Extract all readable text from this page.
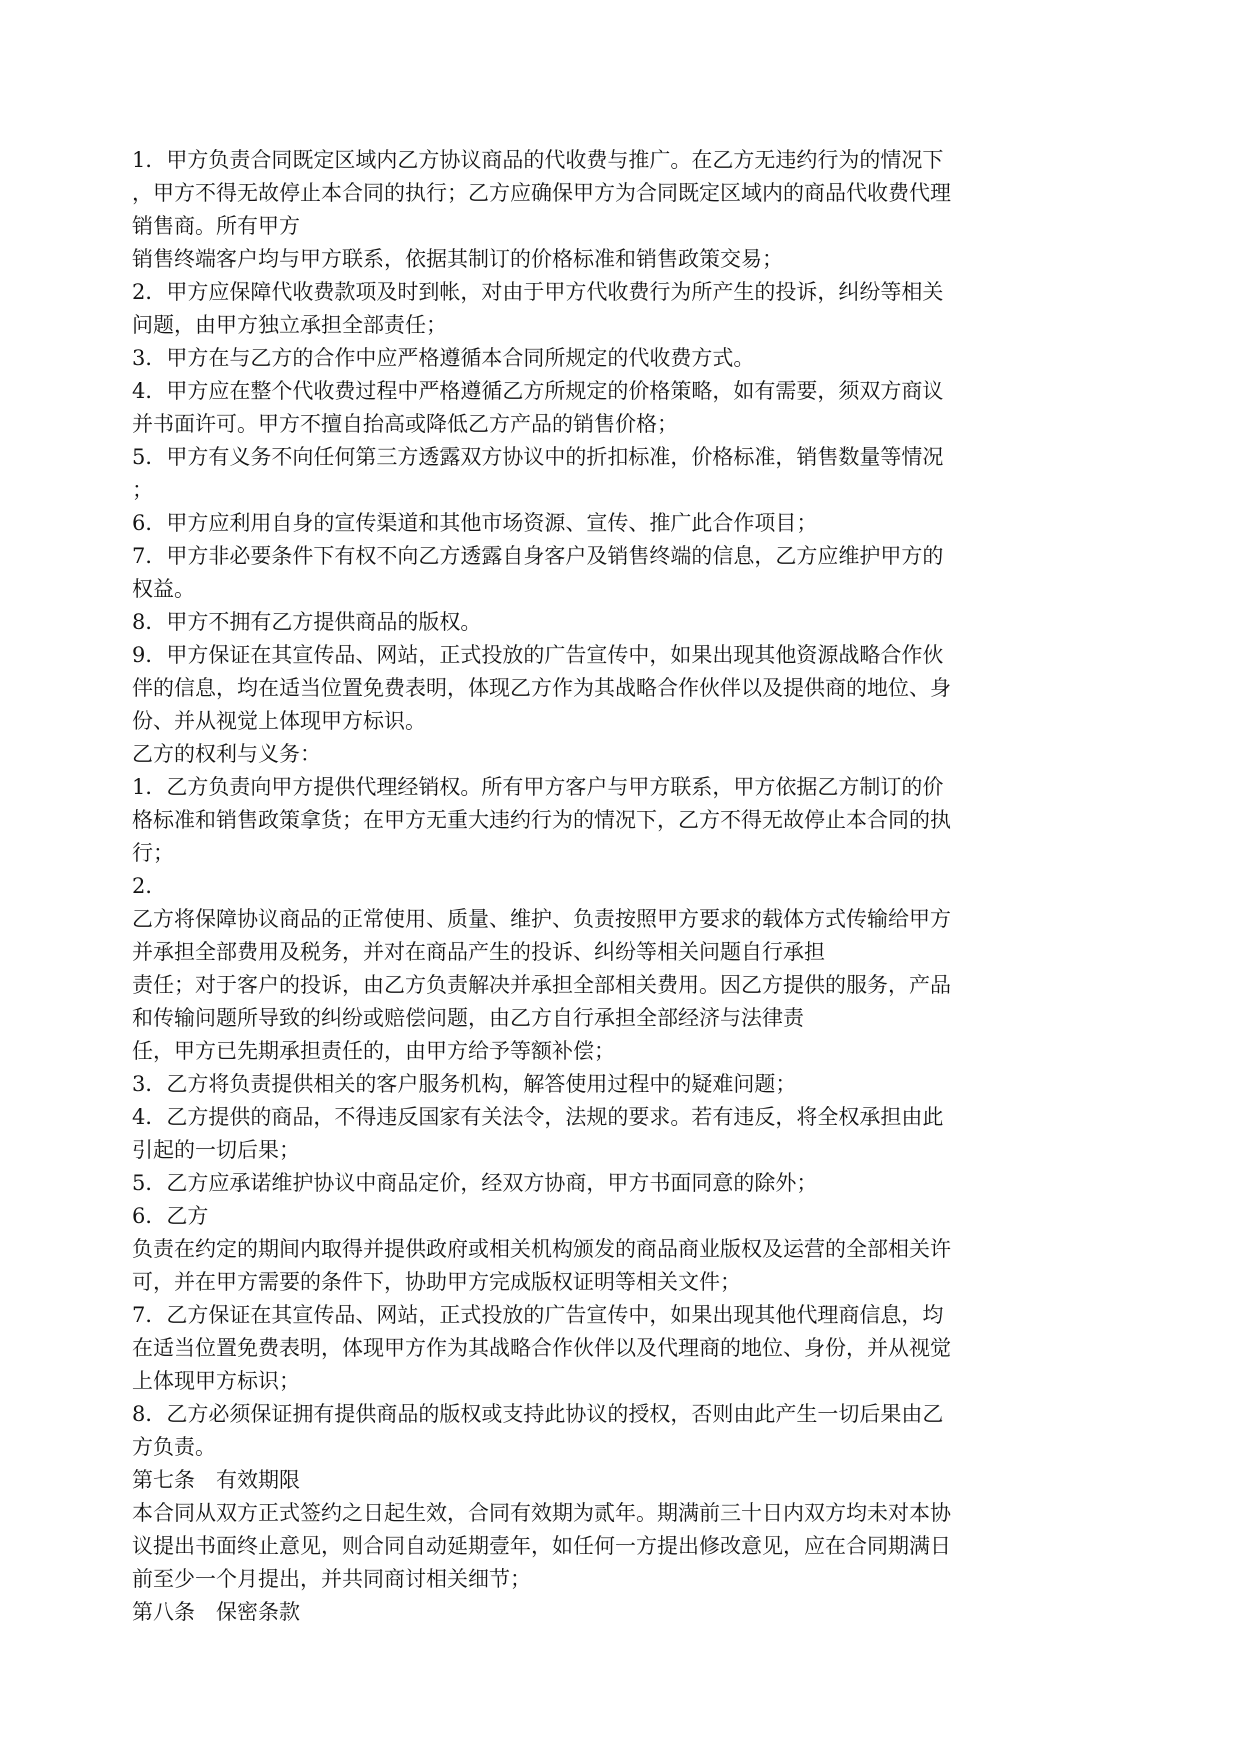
1．甲方负责合同既定区域内乙方协议商品的代收费与推广。在乙方无违约行为的情况下
，甲方不得无故停止本合同的执行；乙方应确保甲方为合同既定区域内的商品代收费代理
销售商。所有甲方
销售终端客户均与甲方联系，依据其制订的价格标准和销售政策交易；
2．甲方应保障代收费款项及时到帐，对由于甲方代收费行为所产生的投诉，纠纷等相关
问题，由甲方独立承担全部责任；
3．甲方在与乙方的合作中应严格遵循本合同所规定的代收费方式。
4．甲方应在整个代收费过程中严格遵循乙方所规定的价格策略，如有需要，须双方商议
并书面许可。甲方不擅自抬高或降低乙方产品的销售价格；
5．甲方有义务不向任何第三方透露双方协议中的折扣标准，价格标准，销售数量等情况
；
6．甲方应利用自身的宣传渠道和其他市场资源、宣传、推广此合作项目；
7．甲方非必要条件下有权不向乙方透露自身客户及销售终端的信息，乙方应维护甲方的
权益。
8．甲方不拥有乙方提供商品的版权。
9．甲方保证在其宣传品、网站，正式投放的广告宣传中，如果出现其他资源战略合作伙
伴的信息，均在适当位置免费表明，体现乙方作为其战略合作伙伴以及提供商的地位、身
份、并从视觉上体现甲方标识。
乙方的权利与义务：
1．乙方负责向甲方提供代理经销权。所有甲方客户与甲方联系，甲方依据乙方制订的价
格标准和销售政策拿货；在甲方无重大违约行为的情况下，乙方不得无故停止本合同的执
行；
2．
乙方将保障协议商品的正常使用、质量、维护、负责按照甲方要求的载体方式传输给甲方
并承担全部费用及税务，并对在商品产生的投诉、纠纷等相关问题自行承担
责任；对于客户的投诉，由乙方负责解决并承担全部相关费用。因乙方提供的服务，产品
和传输问题所导致的纠纷或赔偿问题，由乙方自行承担全部经济与法律责
任，甲方已先期承担责任的，由甲方给予等额补偿；
3．乙方将负责提供相关的客户服务机构，解答使用过程中的疑难问题；
4．乙方提供的商品，不得违反国家有关法令，法规的要求。若有违反，将全权承担由此
引起的一切后果；
5．乙方应承诺维护协议中商品定价，经双方协商，甲方书面同意的除外；
6．乙方
负责在约定的期间内取得并提供政府或相关机构颁发的商品商业版权及运营的全部相关许
可，并在甲方需要的条件下，协助甲方完成版权证明等相关文件；
7．乙方保证在其宣传品、网站，正式投放的广告宣传中，如果出现其他代理商信息，均
在适当位置免费表明，体现甲方作为其战略合作伙伴以及代理商的地位、身份，并从视觉
上体现甲方标识；
8．乙方必须保证拥有提供商品的版权或支持此协议的授权，否则由此产生一切后果由乙
方负责。
第七条　有效期限
本合同从双方正式签约之日起生效，合同有效期为贰年。期满前三十日内双方均未对本协
议提出书面终止意见，则合同自动延期壹年，如任何一方提出修改意见，应在合同期满日
前至少一个月提出，并共同商讨相关细节；
第八条　保密条款
